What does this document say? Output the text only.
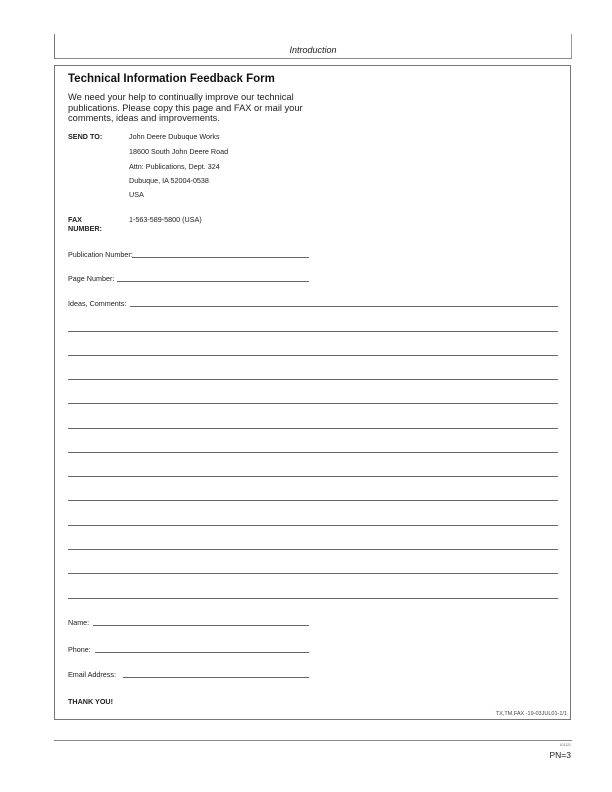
Introduction
Technical Information Feedback Form
We need your help to continually improve our technical
publications. Please copy this page and FAX or mail your
comments, ideas and improvements.
SEND TO:	John Deere Dubuque Works
18600 South John Deere Road
Attn: Publications, Dept. 324
Dubuque, IA 52004-0538
USA
FAX
NUMBER:
1-563-589-5800 (USA)
Publication Number:
Page Number:
Ideas, Comments:
Name:
Phone:
Email Address:
THANK YOU!
TX,TM,FAX -19-03JUL01-1/1
101121
PN=3
